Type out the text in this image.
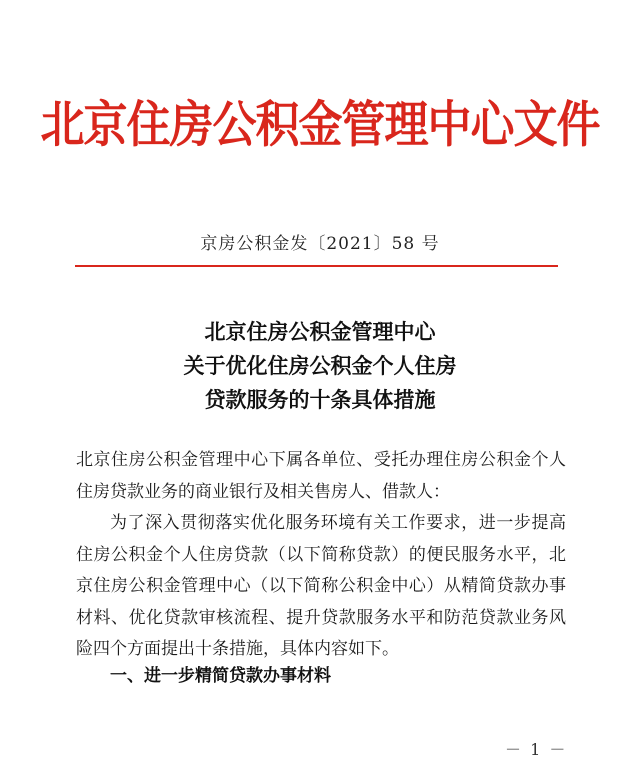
北京住房公积金管理中心文件
京房公积金发〔2021〕58 号
北京住房公积金管理中心
关于优化住房公积金个人住房
贷款服务的十条具体措施

北京住房公积金管理中心下属各单位、受托办理住房公积金个人住房贷款业务的商业银行及相关售房人、借款人：

为了深入贯彻落实优化服务环境有关工作要求，进一步提高住房公积金个人住房贷款（以下简称贷款）的便民服务水平，北京住房公积金管理中心（以下简称公积金中心）从精简贷款办事材料、优化贷款审核流程、提升贷款服务水平和防范贷款业务风险四个方面提出十条措施，具体内容如下。

一、进一步精简贷款办事材料
－ 1 －
